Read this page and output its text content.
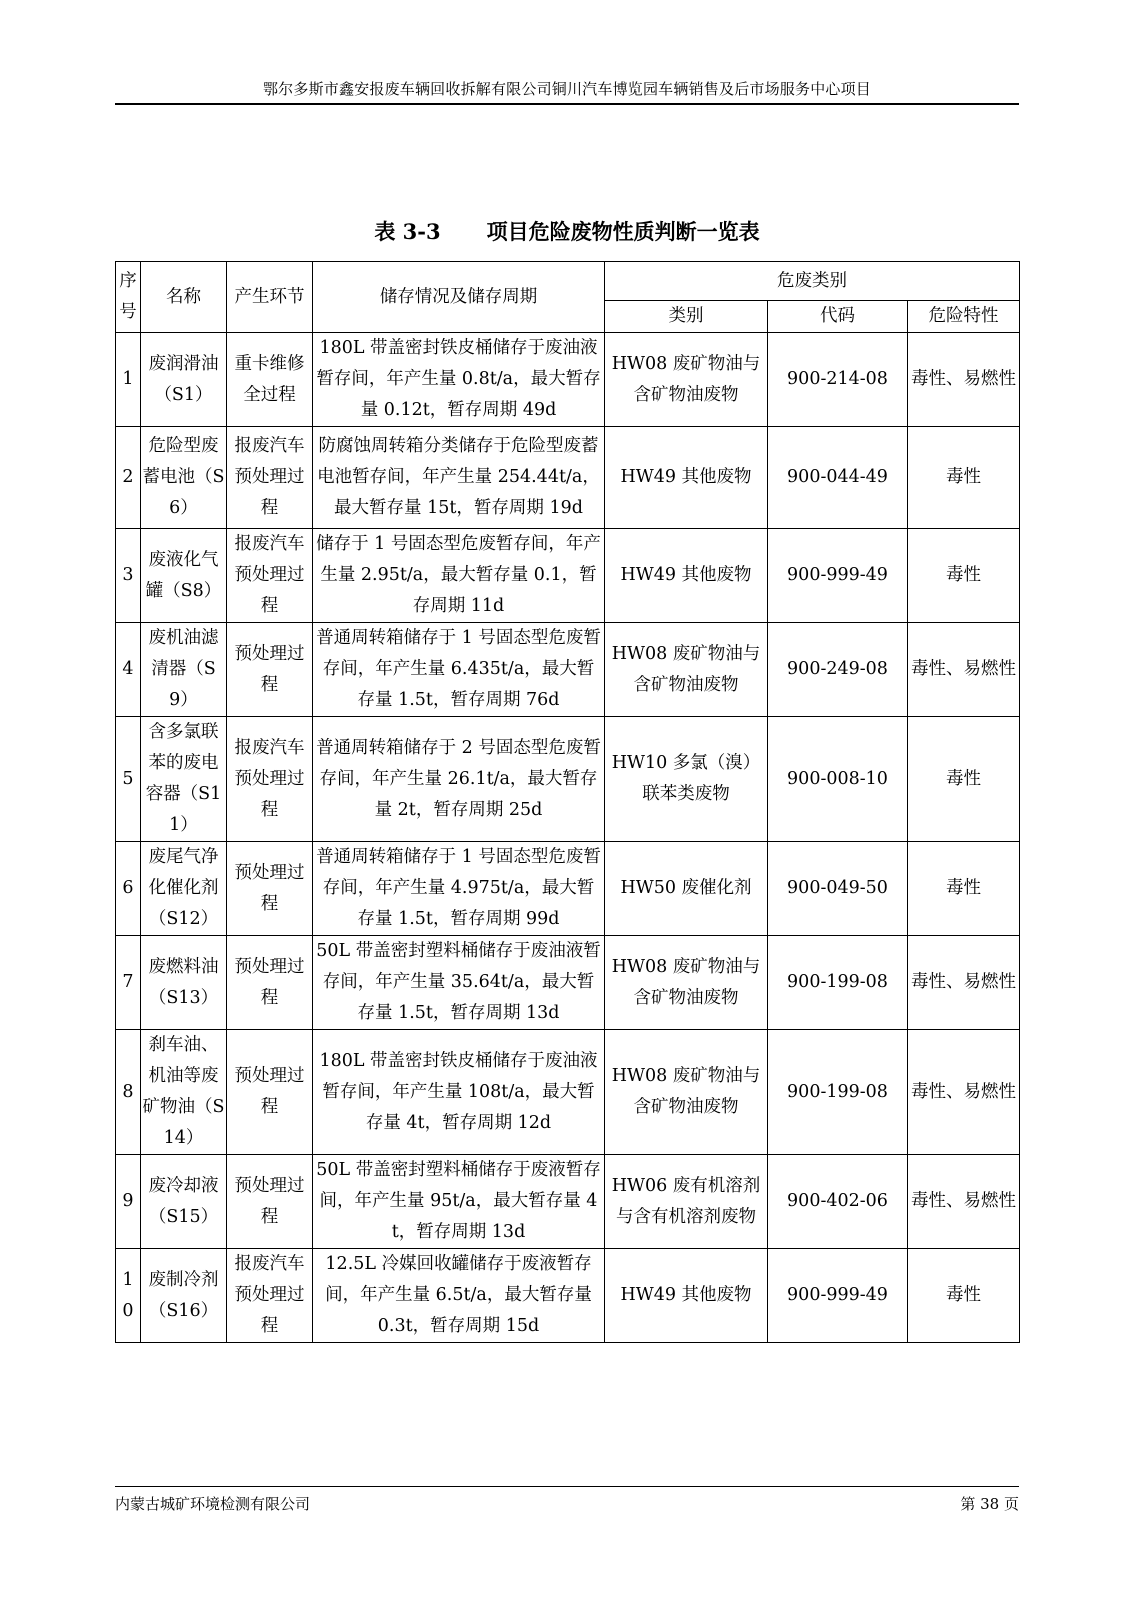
鄂尔多斯市鑫安报废车辆回收拆解有限公司铜川汽车博览园车辆销售及后市场服务中心项目
表 3-3 项目危险废物性质判断一览表
序号	名称	产生环节	储存情况及储存周期	危废类别		
				类别	代码	危险特性
1	废润滑油（S1）	重卡维修全过程	180L 带盖密封铁皮桶储存于废油液暂存间，年产生量 0.8t/a，最大暂存量 0.12t，暂存周期 49d	HW08 废矿物油与含矿物油废物	900-214-08	毒性、易燃性
2	危险型废蓄电池（S6）	报废汽车预处理过程	防腐蚀周转箱分类储存于危险型废蓄电池暂存间，年产生量 254.44t/a，最大暂存量 15t，暂存周期 19d	HW49 其他废物	900-044-49	毒性
3	废液化气罐（S8）	报废汽车预处理过程	储存于 1 号固态型危废暂存间，年产生量 2.95t/a，最大暂存量 0.1，暂存周期 11d	HW49 其他废物	900-999-49	毒性
4	废机油滤清器（S9）	预处理过程	普通周转箱储存于 1 号固态型危废暂存间，年产生量 6.435t/a，最大暂存量 1.5t，暂存周期 76d	HW08 废矿物油与含矿物油废物	900-249-08	毒性、易燃性
5	含多氯联苯的废电容器（S11）	报废汽车预处理过程	普通周转箱储存于 2 号固态型危废暂存间，年产生量 26.1t/a，最大暂存量 2t，暂存周期 25d	HW10 多氯（溴）联苯类废物	900-008-10	毒性
6	废尾气净化催化剂（S12）	预处理过程	普通周转箱储存于 1 号固态型危废暂存间，年产生量 4.975t/a，最大暂存量 1.5t，暂存周期 99d	HW50 废催化剂	900-049-50	毒性
7	废燃料油（S13）	预处理过程	50L 带盖密封塑料桶储存于废油液暂存间，年产生量 35.64t/a，最大暂存量 1.5t，暂存周期 13d	HW08 废矿物油与含矿物油废物	900-199-08	毒性、易燃性
8	刹车油、机油等废矿物油（S14）	预处理过程	180L 带盖密封铁皮桶储存于废油液暂存间，年产生量 108t/a，最大暂存量 4t，暂存周期 12d	HW08 废矿物油与含矿物油废物	900-199-08	毒性、易燃性
9	废冷却液（S15）	预处理过程	50L 带盖密封塑料桶储存于废液暂存间，年产生量 95t/a，最大暂存量 4t，暂存周期 13d	HW06 废有机溶剂与含有机溶剂废物	900-402-06	毒性、易燃性
10	废制冷剂（S16）	报废汽车预处理过程	12.5L 冷媒回收罐储存于废液暂存间，年产生量 6.5t/a，最大暂存量 0.3t，暂存周期 15d	HW49 其他废物	900-999-49	毒性
内蒙古城矿环境检测有限公司	第 38 页
